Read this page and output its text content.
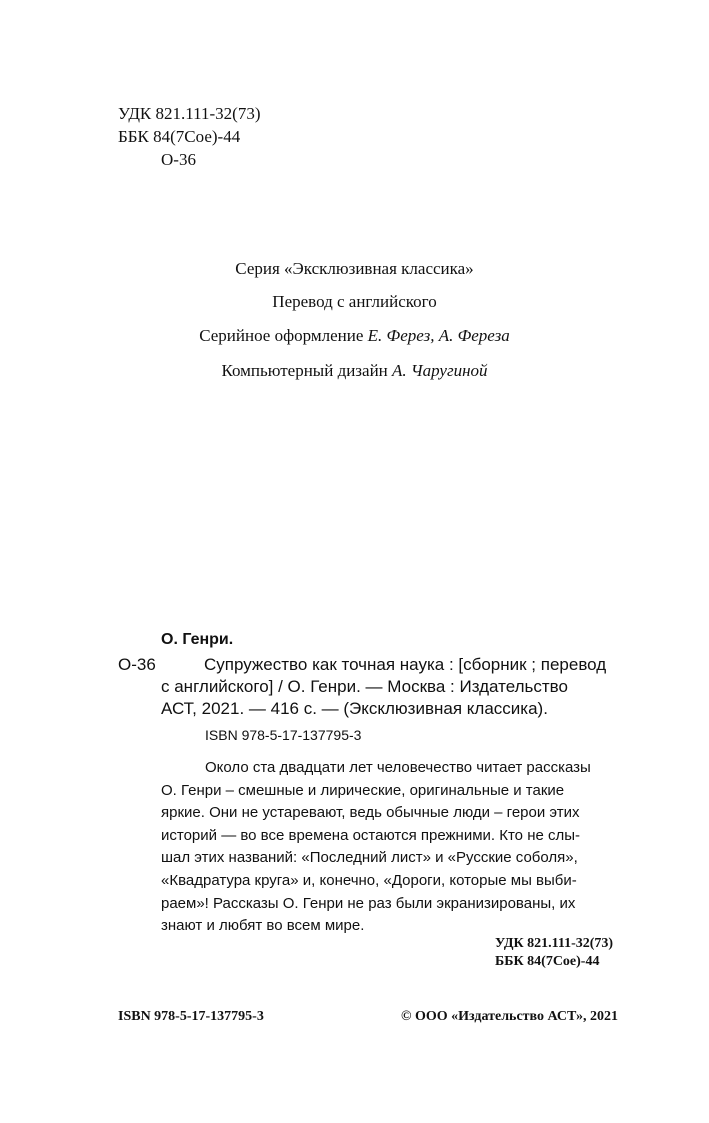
УДК 821.111-32(73)
ББК 84(7Сое)-44
О-36
Серия «Эксклюзивная классика»
Перевод с английского
Серийное оформление Е. Ферез, А. Фереза
Компьютерный дизайн А. Чаругиной
О. Генри.
О-36	Супружество как точная наука : [сборник ; перевод
с английского] / О. Генри. — Москва : Издательство
АСТ, 2021. — 416 с. — (Эксклюзивная классика).
ISBN 978-5-17-137795-3
Около ста двадцати лет человечество читает рассказы
О. Генри – смешные и лирические, оригинальные и такие
яркие. Они не устаревают, ведь обычные люди – герои этих
историй — во все времена остаются прежними. Кто не слы-
шал этих названий: «Последний лист» и «Русские соболя»,
«Квадратура круга» и, конечно, «Дороги, которые мы выби-
раем»! Рассказы О. Генри не раз были экранизированы, их
знают и любят во всем мире.
УДК 821.111-32(73)
ББК 84(7Сое)-44
ISBN 978-5-17-137795-3	© ООО «Издательство АСТ», 2021
